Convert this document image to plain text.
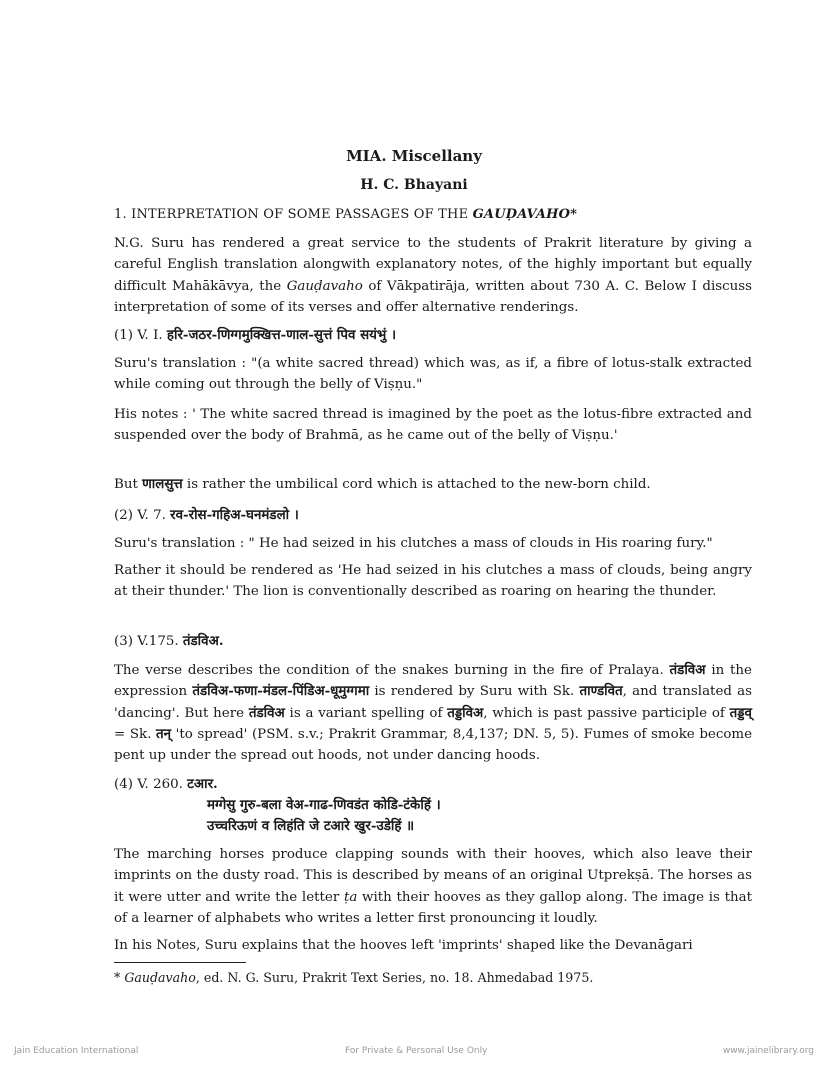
MIA. Miscellany
H. C. Bhayani
1. INTERPRETATION OF SOME PASSAGES OF THE GAUḌAVAHO*
N.G. Suru has rendered a great service to the students of Prakrit literature by giving a careful English translation alongwith explanatory notes, of the highly important but equally difficult Mahākāvya, the Gauḍavaho of Vākpatirāja, written about 730 A. C. Below I discuss interpretation of some of its verses and offer alternative renderings.
(1) V. I. हरि-जठर-णिग्गमुक्खित्त-णाल-सुत्तं पिव सयंभुं ।
Suru's translation : "(a white sacred thread) which was, as if, a fibre of lotus-stalk extracted while coming out through the belly of Viṣṇu."
His notes : ' The white sacred thread is imagined by the poet as the lotus-fibre extracted and suspended over the body of Brahmā, as he came out of the belly of Viṣṇu.'
But णालसुत्त is rather the umbilical cord which is attached to the new-born child.
(2) V. 7. रव-रोस-गहिअ-घनमंडलो ।
Suru's translation : " He had seized in his clutches a mass of clouds in His roaring fury."
Rather it should be rendered as 'He had seized in his clutches a mass of clouds, being angry at their thunder.' The lion is conventionally described as roaring on hearing the thunder.
(3) V.175. तंडविअ.
The verse describes the condition of the snakes burning in the fire of Pralaya. तंडविअ in the expression तंडविअ-फणा-मंडल-पिंडिअ-धूमुग्गमा is rendered by Suru with Sk. ताण्डवित, and translated as 'dancing'. But here तंडविअ is a variant spelling of तड्डविअ, which is past passive participle of तड्डव् = Sk. तन् 'to spread' (PSM. s.v.; Prakrit Grammar, 8,4,137; DN. 5, 5). Fumes of smoke become pent up under the spread out hoods, not under dancing hoods.
(4) V. 260. टआर.
मग्गेसु गुरु-बला वेअ-गाढ-णिवडंत कोडि-टंकेहिं ।
उच्चरिऊणं व लिहंति जे टआरे खुर-उडेहिं ॥
The marching horses produce clapping sounds with their hooves, which also leave their imprints on the dusty road. This is described by means of an original Utprekṣā. The horses as it were utter and write the letter ṭa with their hooves as they gallop along. The image is that of a learner of alphabets who writes a letter first pronouncing it loudly.
In his Notes, Suru explains that the hooves left 'imprints' shaped like the Devanāgari
* Gauḍavaho, ed. N. G. Suru, Prakrit Text Series, no. 18. Ahmedabad 1975.
Jain Education International	For Private & Personal Use Only	www.jainelibrary.org
